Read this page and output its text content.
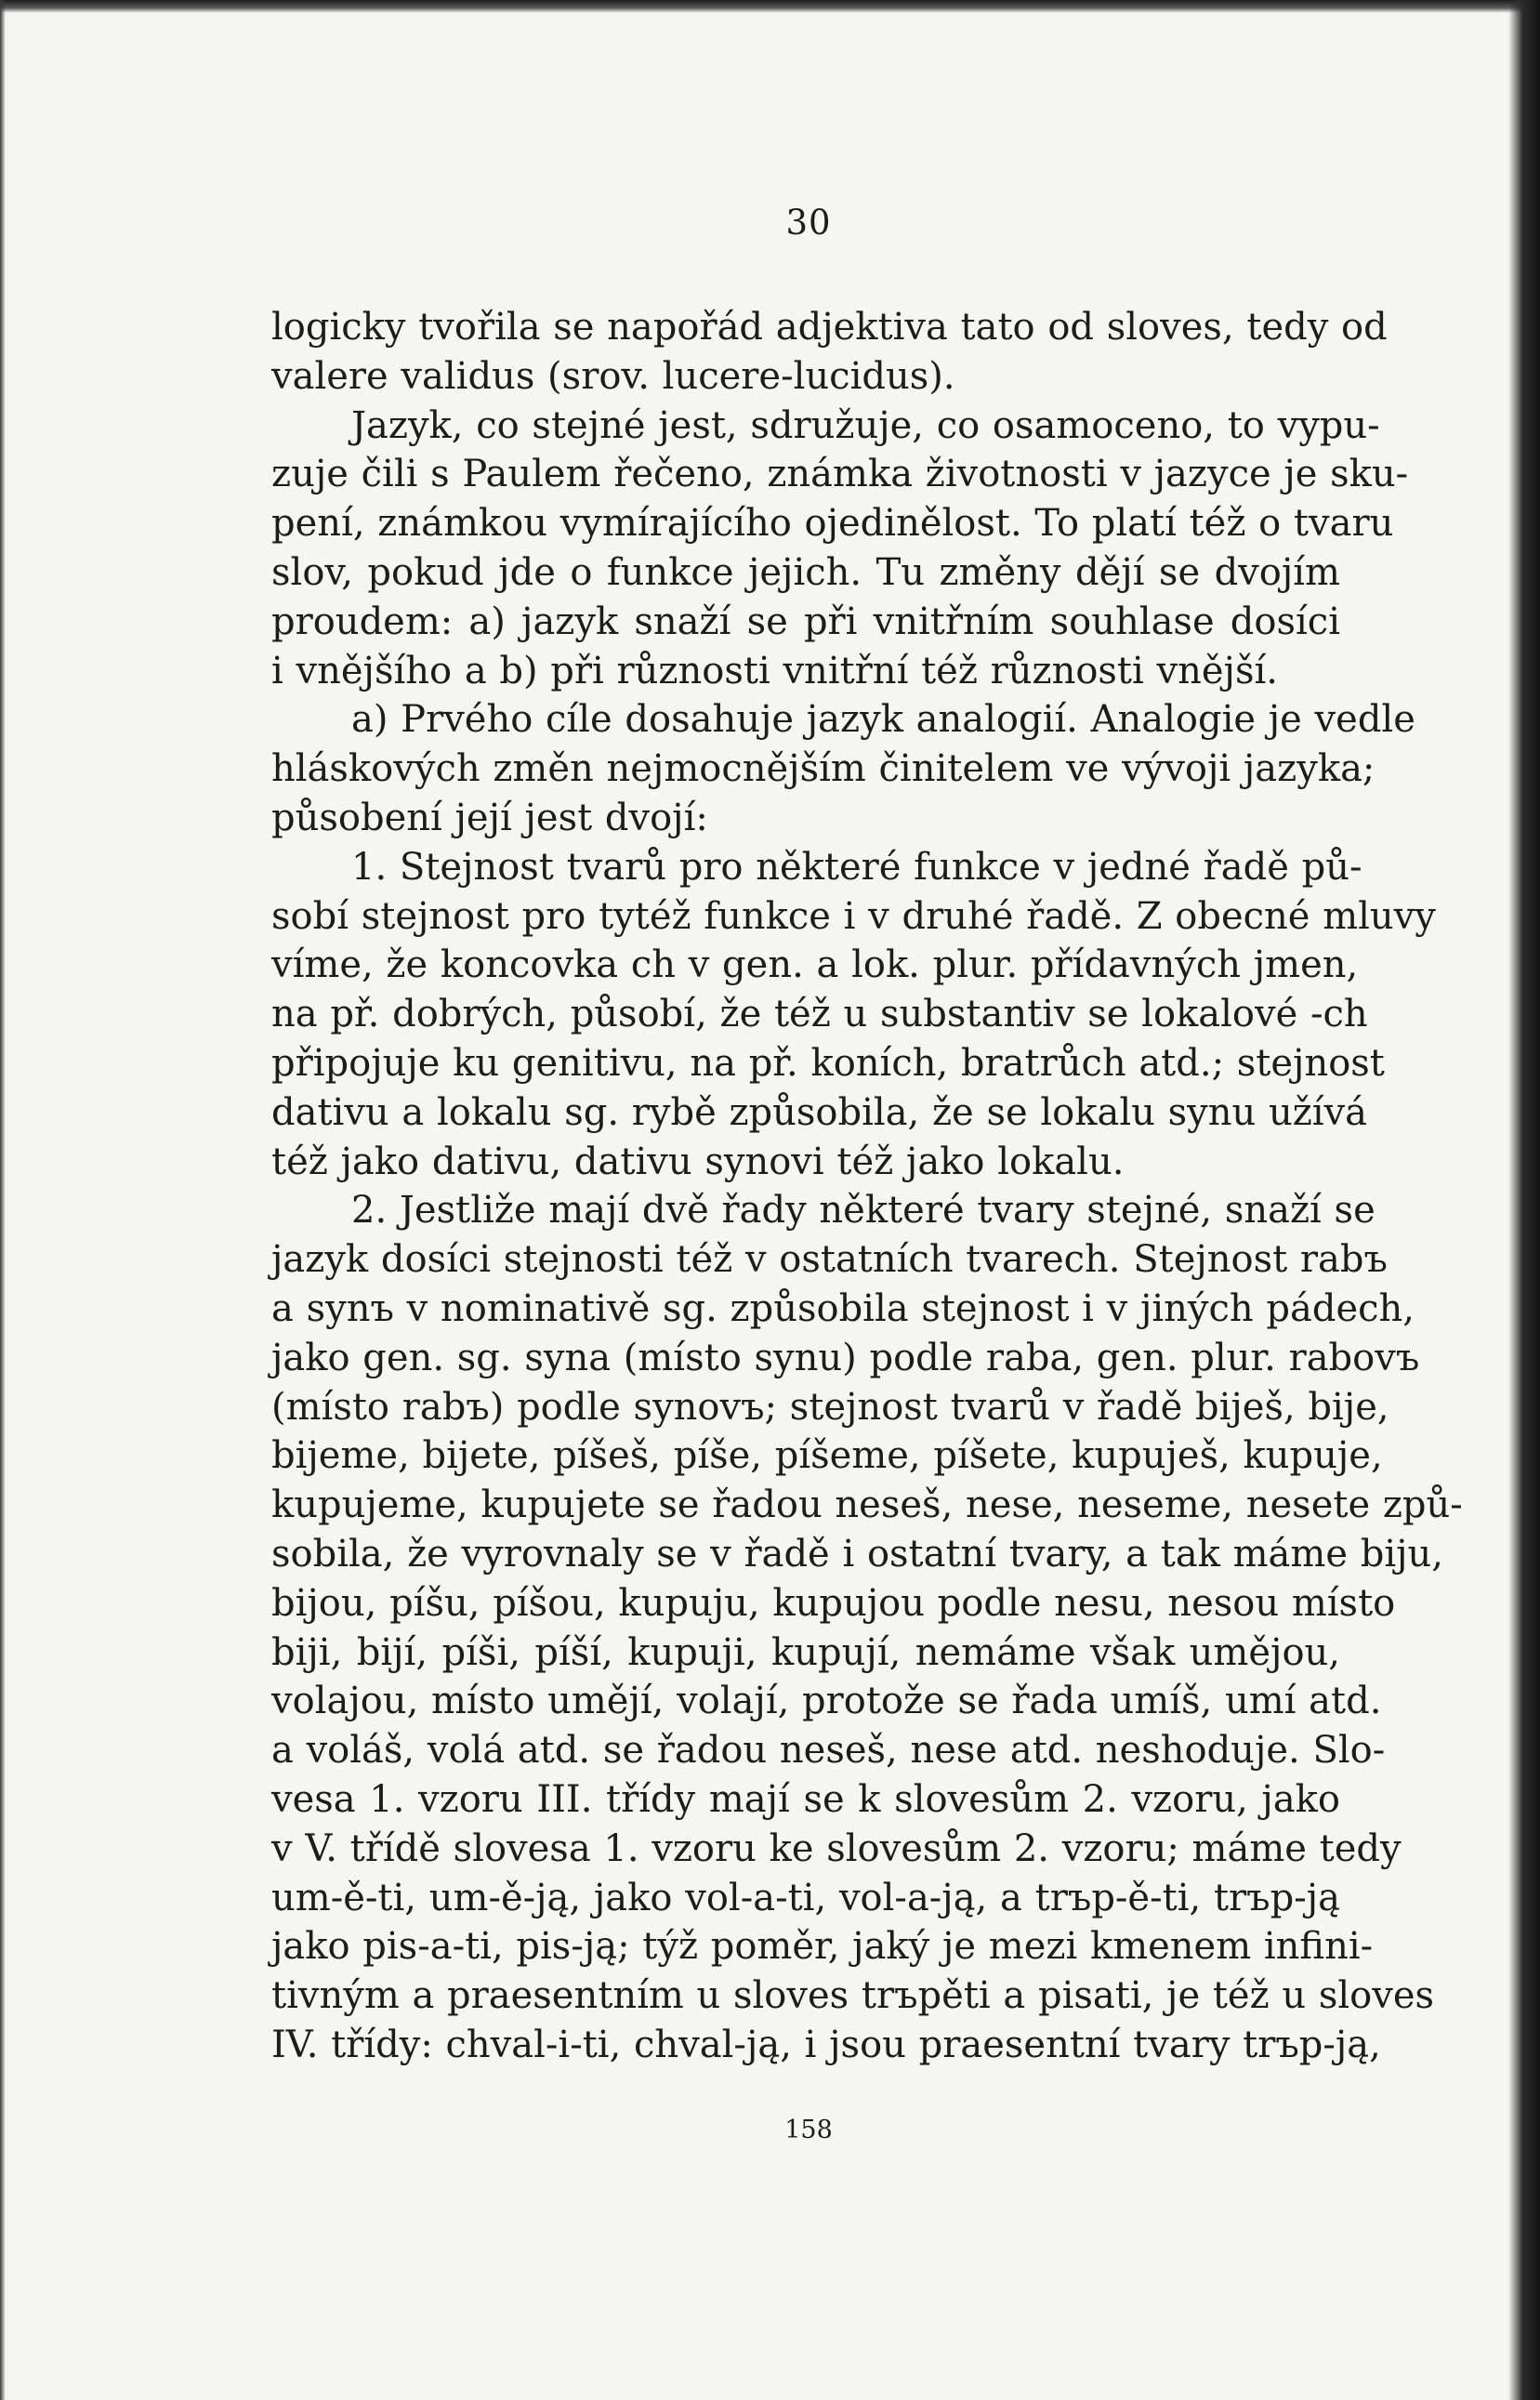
30
logicky tvořila se napořád adjektiva tato od sloves, tedy od
valere validus (srov. lucere-lucidus).
Jazyk, co stejné jest, sdružuje, co osamoceno, to vypu-
zuje čili s Paulem řečeno, známka životnosti v jazyce je sku-
pení, známkou vymírajícího ojedinělost. To platí též o tvaru
slov, pokud jde o funkce jejich. Tu změny dějí se dvojím
proudem: a) jazyk snaží se při vnitřním souhlase dosíci
i vnějšího a b) při různosti vnitřní též různosti vnější.
a) Prvého cíle dosahuje jazyk analogií. Analogie je vedle
hláskových změn nejmocnějším činitelem ve vývoji jazyka;
působení její jest dvojí:
1. Stejnost tvarů pro některé funkce v jedné řadě pů-
sobí stejnost pro tytéž funkce i v druhé řadě. Z obecné mluvy
víme, že koncovka ch v gen. a lok. plur. přídavných jmen,
na př. dobrých, působí, že též u substantiv se lokalové -ch
připojuje ku genitivu, na př. koních, bratrůch atd.; stejnost
dativu a lokalu sg. rybě způsobila, že se lokalu synu užívá
též jako dativu, dativu synovi též jako lokalu.
2. Jestliže mají dvě řady některé tvary stejné, snaží se
jazyk dosíci stejnosti též v ostatních tvarech. Stejnost rabъ
a synъ v nominativě sg. způsobila stejnost i v jiných pádech,
jako gen. sg. syna (místo synu) podle raba, gen. plur. rabovъ
(místo rabъ) podle synovъ; stejnost tvarů v řadě biješ, bije,
bijeme, bijete, píšeš, píše, píšeme, píšete, kupuješ, kupuje,
kupujeme, kupujete se řadou neseš, nese, neseme, nesete způ-
sobila, že vyrovnaly se v řadě i ostatní tvary, a tak máme biju,
bijou, píšu, píšou, kupuju, kupujou podle nesu, nesou místo
biji, bijí, píši, píší, kupuji, kupují, nemáme však umějou,
volajou, místo umějí, volají, protože se řada umíš, umí atd.
a voláš, volá atd. se řadou neseš, nese atd. neshoduje. Slo-
vesa 1. vzoru III. třídy mají se k slovesům 2. vzoru, jako
v V. třídě slovesa 1. vzoru ke slovesům 2. vzoru; máme tedy
um-ě-ti, um-ě-ją, jako vol-a-ti, vol-a-ją, a trъp-ě-ti, trъp-ją
jako pis-a-ti, pis-ją; týž poměr, jaký je mezi kmenem infini-
tivným a praesentním u sloves trъpěti a pisati, je též u sloves
IV. třídy: chval-i-ti, chval-ją, i jsou praesentní tvary trъp-ją,
158
